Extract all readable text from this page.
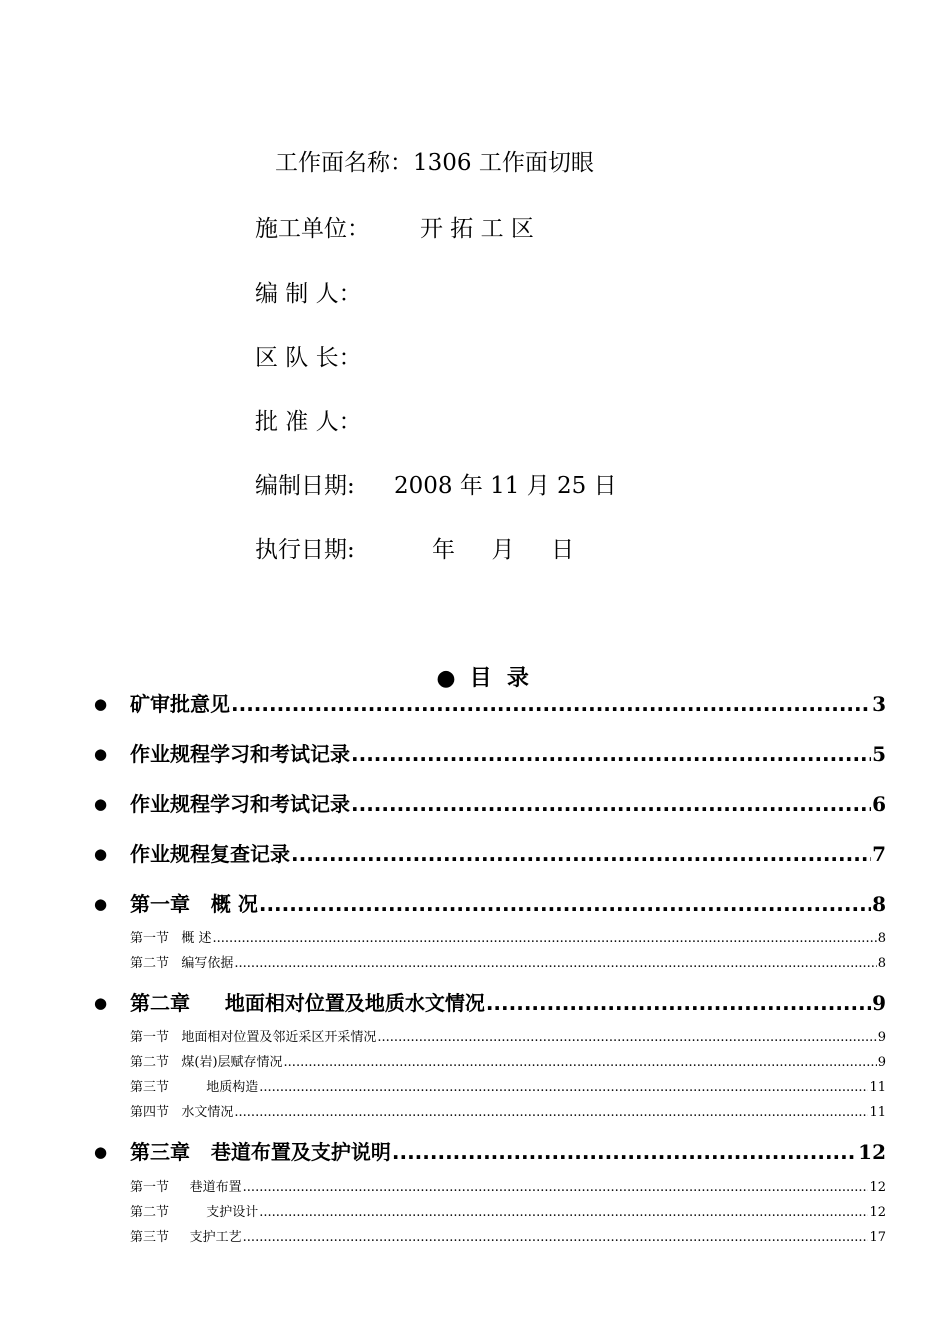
工作面名称：1306 工作面切眼
施工单位： 开 拓 工 区
编 制 人：
区 队 长：
批 准 人：
编制日期: 2008 年 11 月 25 日
执行日期:	年     月     日

● 目  录

●	矿审批意见 .....	3
●	作业规程学习和考试记录 .....	5
●	作业规程学习和考试记录 .....	6
●	作业规程复查记录 .....	7
●	第一章   概 况 .....	8
第一节   概 述 .....	8
第二节   编写依据 .....	8
●	第二章     地面相对位置及地质水文情况 .....	9
第一节   地面相对位置及邻近采区开采情况 .....	9
第二节   煤(岩)层赋存情况 .....	9
第三节         地质构造 .....	11
第四节   水文情况 .....	11
●	第三章   巷道布置及支护说明 .....	12
第一节     巷道布置 .....	12
第二节         支护设计 .....	12
第三节     支护工艺 .....	17
